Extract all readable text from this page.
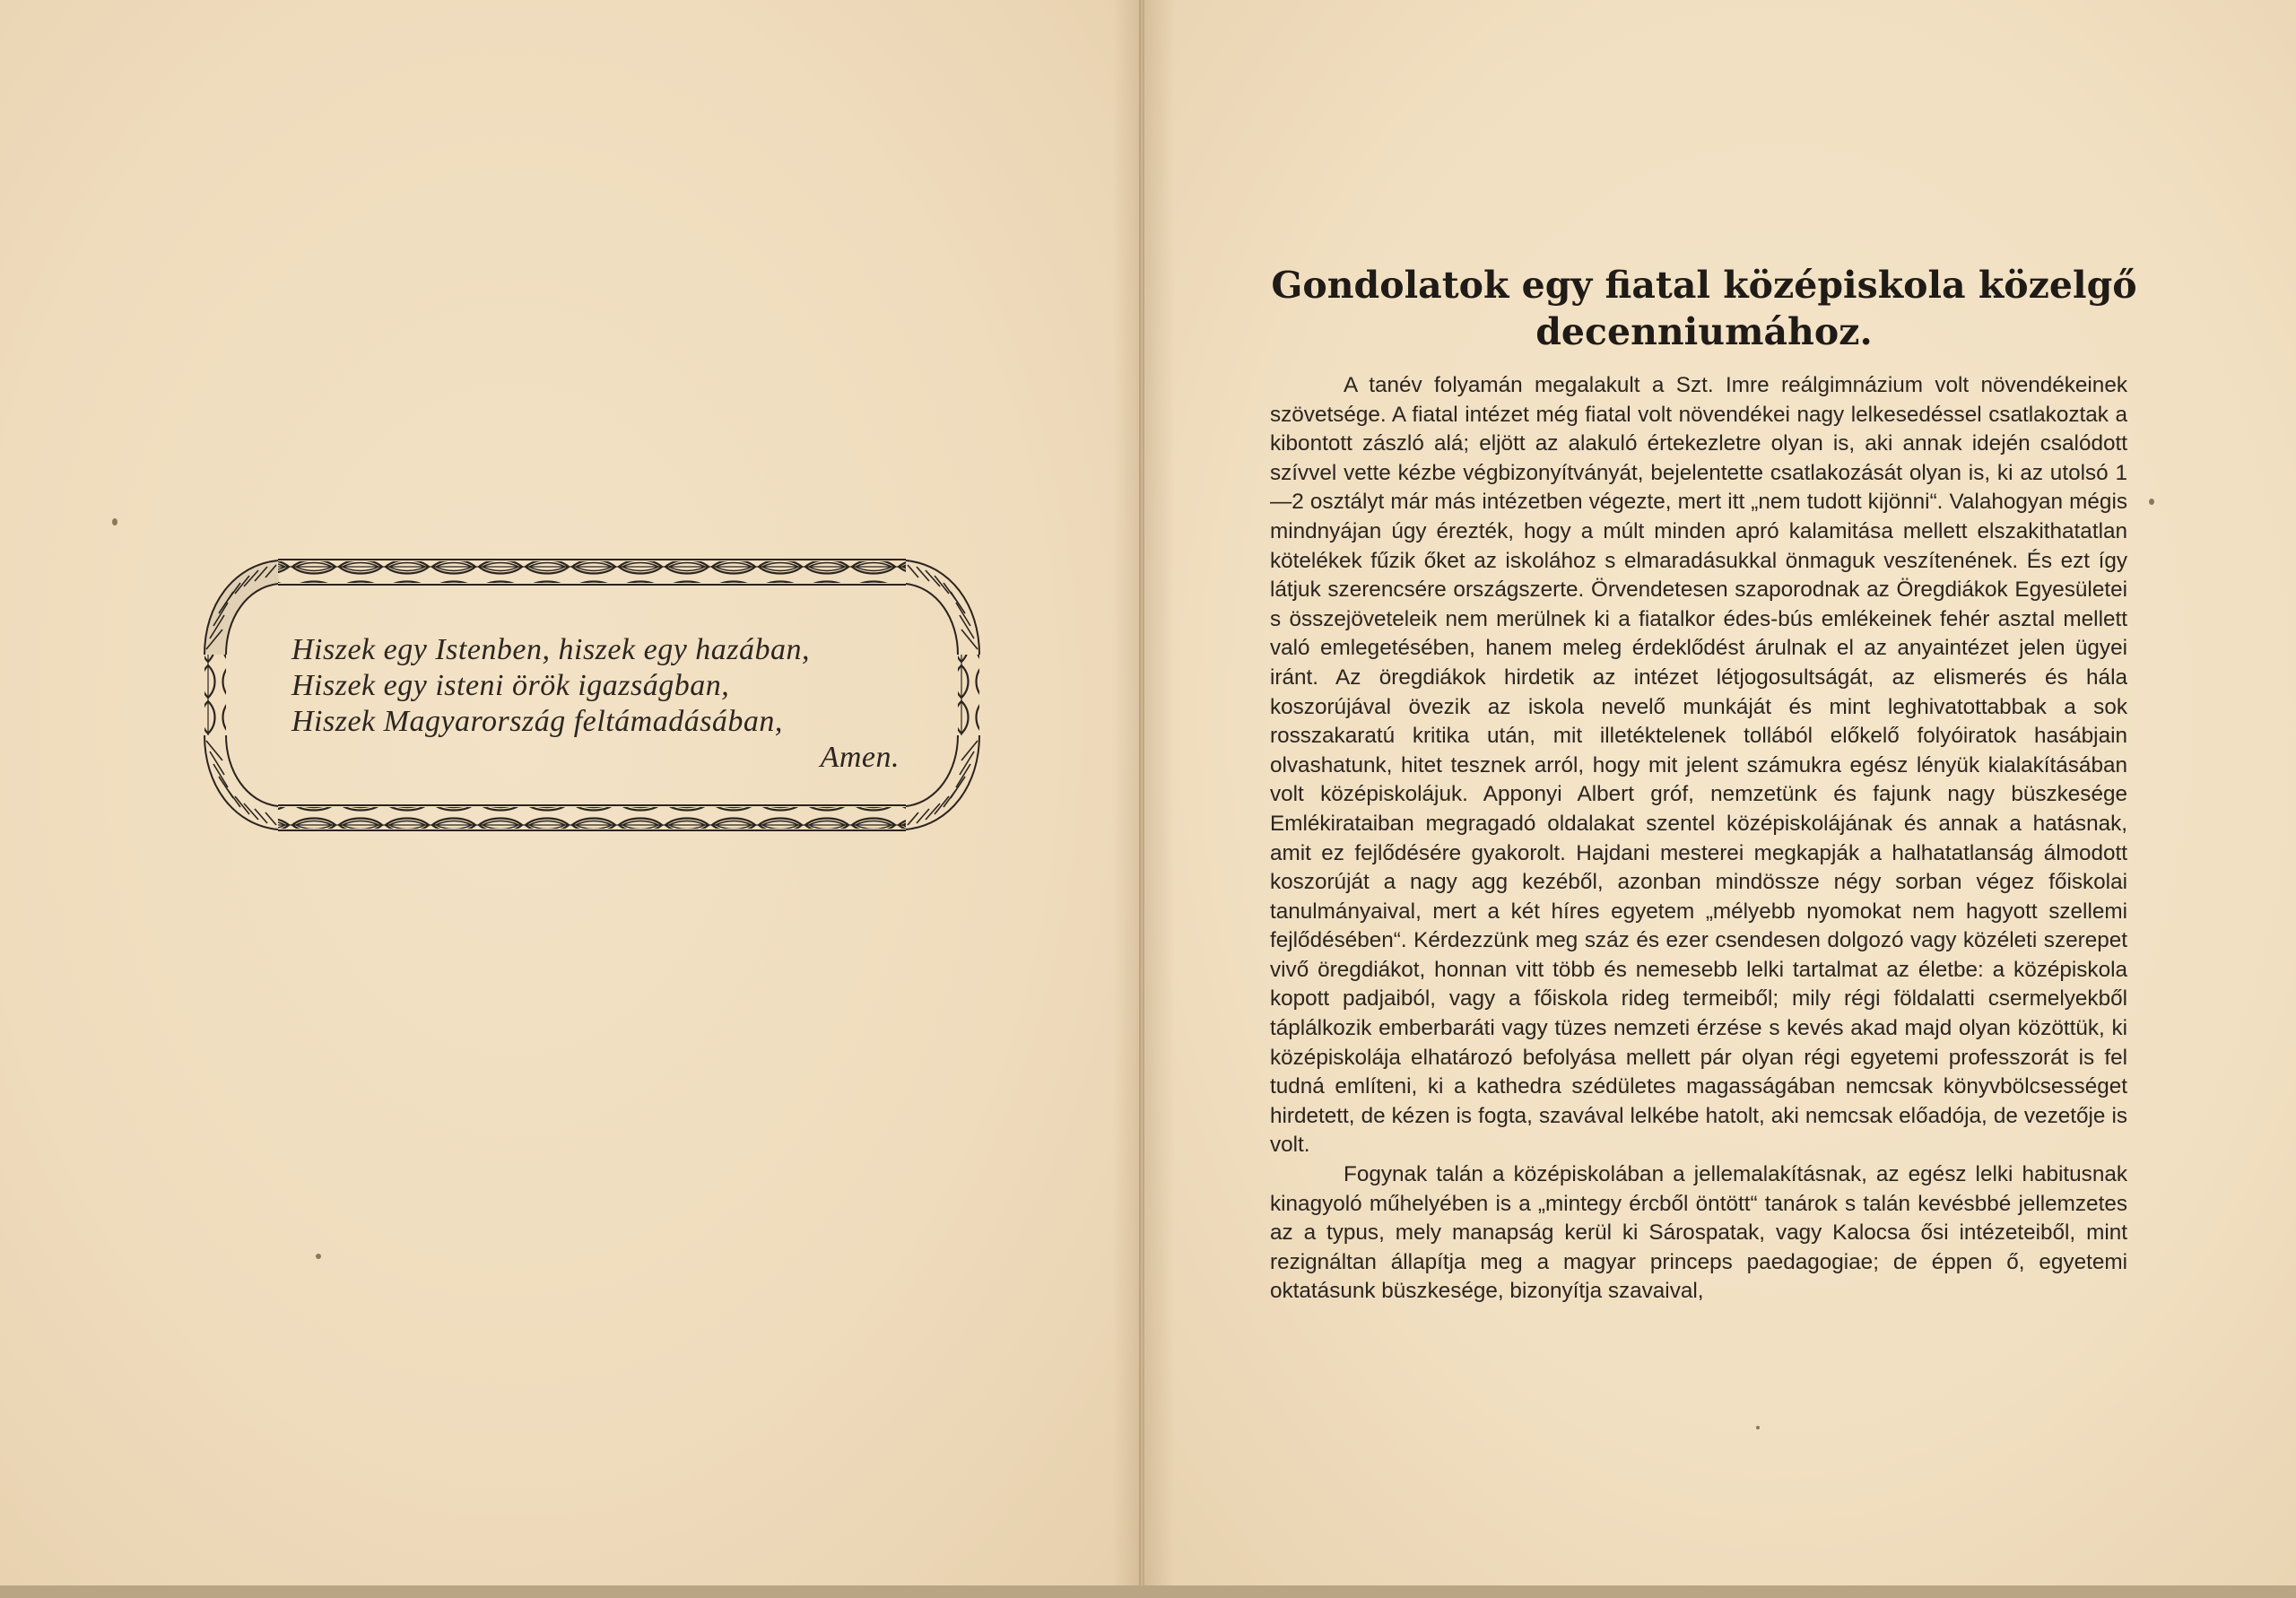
Hiszek egy Istenben, hiszek egy hazában,
Hiszek egy isteni örök igazságban,
Hiszek Magyarország feltámadásában,
Amen.
Gondolatok egy fiatal középiskola közelgő
decenniumához.

A tanév folyamán megalakult a Szt. Imre reálgimnázium volt növendékeinek szövetsége. A fiatal intézet még fiatal volt növendékei nagy lelkesedéssel csatlakoztak a kibontott zászló alá; eljött az alakuló értekezletre olyan is, aki annak idején csalódott szívvel vette kézbe végbizonyítványát, bejelentette csatlakozását olyan is, ki az utolsó 1—2 osztályt már más intézetben végezte, mert itt „nem tudott kijönni“. Valahogyan mégis mindnyájan úgy érezték, hogy a múlt minden apró kalamitása mellett elszakithatatlan kötelékek fűzik őket az iskolához s elmaradásukkal önmaguk veszítenének. És ezt így látjuk szerencsére országszerte. Örvendetesen szaporodnak az Öregdiákok Egyesületei s összejöveteleik nem merülnek ki a fiatalkor édes-bús emlékeinek fehér asztal mellett való emlegetésében, hanem meleg érdeklődést árulnak el az anyaintézet jelen ügyei iránt. Az öregdiákok hirdetik az intézet létjogosultságát, az elismerés és hála koszorújával övezik az iskola nevelő munkáját és mint leghivatottabbak a sok rosszakaratú kritika után, mit illetéktelenek tollából előkelő folyóiratok hasábjain olvashatunk, hitet tesznek arról, hogy mit jelent számukra egész lényük kialakításában volt középiskolájuk. Apponyi Albert gróf, nemzetünk és fajunk nagy büszkesége Emlékirataiban megragadó oldalakat szentel középiskolájának és annak a hatásnak, amit ez fejlődésére gyakorolt. Hajdani mesterei megkapják a halhatatlanság álmodott koszorúját a nagy agg kezéből, azonban mindössze négy sorban végez főiskolai tanulmányaival, mert a két híres egyetem „mélyebb nyomokat nem hagyott szellemi fejlődésében“. Kérdezzünk meg száz és ezer csendesen dolgozó vagy közéleti szerepet vivő öregdiákot, honnan vitt több és nemesebb lelki tartalmat az életbe: a középiskola kopott padjaiból, vagy a főiskola rideg termeiből; mily régi földalatti csermelyekből táplálkozik emberbaráti vagy tüzes nemzeti érzése s kevés akad majd olyan közöttük, ki középiskolája elhatározó befolyása mellett pár olyan régi egyetemi professzorát is fel tudná említeni, ki a kathedra szédületes magasságában nemcsak könyvbölcsességet hirdetett, de kézen is fogta, szavával lelkébe hatolt, aki nemcsak előadója, de vezetője is volt.

Fogynak talán a középiskolában a jellemalakításnak, az egész lelki habitusnak kinagyoló műhelyében is a „mintegy ércből öntött“ tanárok s talán kevésbbé jellemzetes az a typus, mely manapság kerül ki Sárospatak, vagy Kalocsa ősi intézeteiből, mint rezignáltan állapítja meg a magyar princeps paedagogiae; de éppen ő, egyetemi oktatásunk büszkesége, bizonyítja szavaival,
